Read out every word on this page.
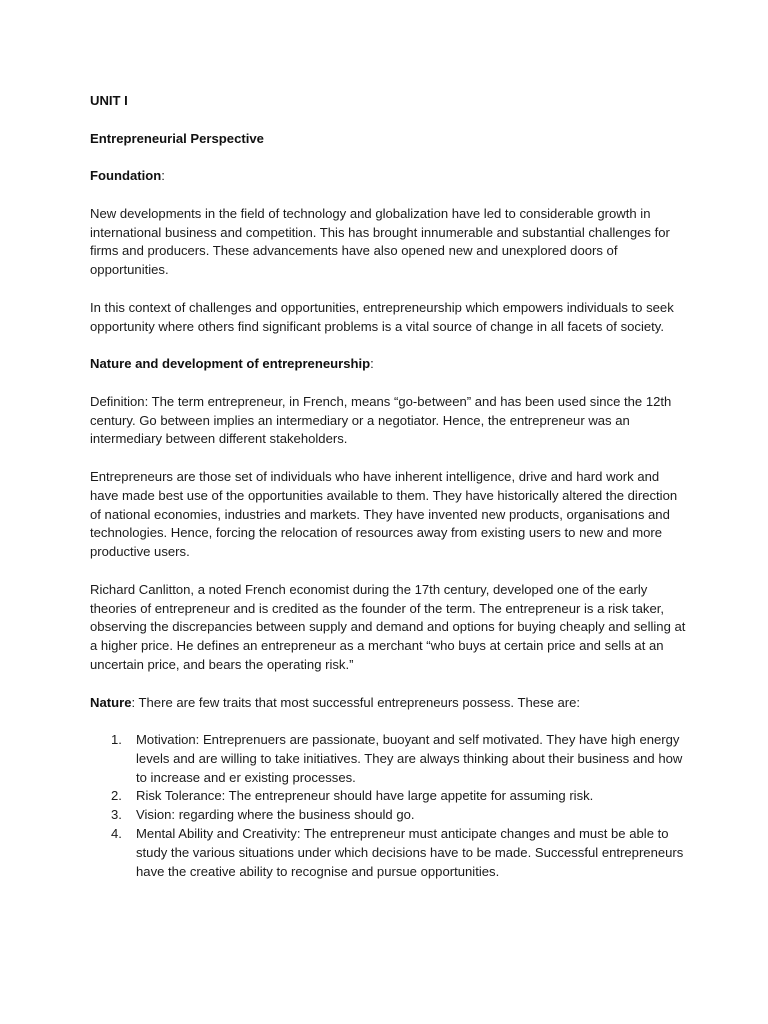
UNIT I

Entrepreneurial Perspective

Foundation:

New developments in the field of technology and globalization have led to considerable growth in international business and competition. This has brought innumerable and substantial challenges for firms and producers. These advancements have also opened new and unexplored doors of opportunities.

In this context of challenges and opportunities, entrepreneurship which empowers individuals to seek opportunity where others find significant problems is a vital source of change in all facets of society.

Nature and development of entrepreneurship:

Definition: The term entrepreneur, in French, means “go-between” and has been used since the 12th century. Go between implies an intermediary or a negotiator. Hence, the entrepreneur was an intermediary between different stakeholders.

Entrepreneurs are those set of individuals who have inherent intelligence, drive and hard work and have made best use of the opportunities available to them. They have historically altered the direction of national economies, industries and markets. They have invented new products, organisations and technologies. Hence, forcing the relocation of resources away from existing users to new and more productive users.

Richard Canlitton, a noted French economist during the 17th century, developed one of the early theories of entrepreneur and is credited as the founder of the term. The entrepreneur is a risk taker, observing the discrepancies between supply and demand and options for buying cheaply and selling at a higher price. He defines an entrepreneur as a merchant “who buys at certain price and sells at an uncertain price, and bears the operating risk.”

Nature: There are few traits that most successful entrepreneurs possess. These are:

1. Motivation: Entreprenuers are passionate, buoyant and self motivated. They have high energy levels and are willing to take initiatives. They are always thinking about their business and how to increase and er existing processes.
2. Risk Tolerance: The entrepreneur should have large appetite for assuming risk.
3. Vision: regarding where the business should go.
4. Mental Ability and Creativity: The entrepreneur must anticipate changes and must be able to study the various situations under which decisions have to be made. Successful entrepreneurs have the creative ability to recognise and pursue opportunities.
